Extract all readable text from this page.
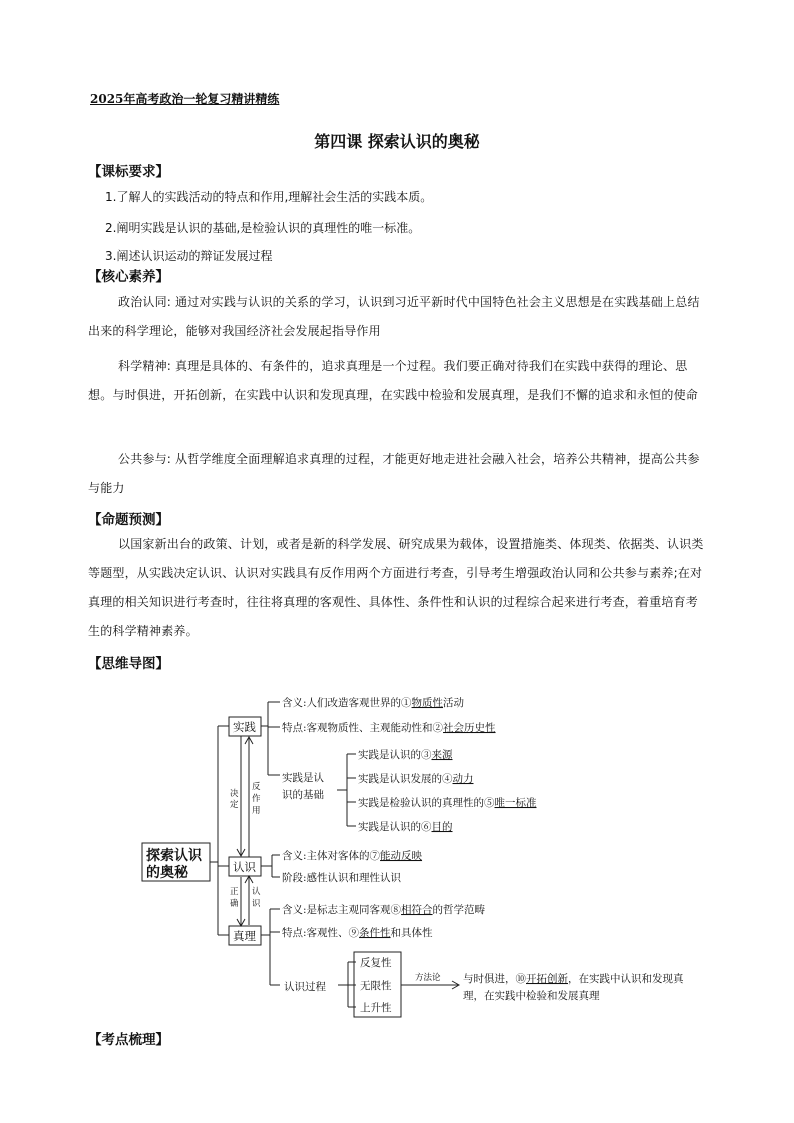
2025年高考政治一轮复习精讲精练
第四课 探索认识的奥秘
【课标要求】
1.了解人的实践活动的特点和作用,理解社会生活的实践本质。
2.阐明实践是认识的基础,是检验认识的真理性的唯一标准。
3.阐述认识运动的辩证发展过程
【核心素养】
政治认同: 通过对实践与认识的关系的学习，认识到习近平新时代中国特色社会主义思想是在实践基础上总结出来的科学理论，能够对我国经济社会发展起指导作用
科学精神: 真理是具体的、有条件的，追求真理是一个过程。我们要正确对待我们在实践中获得的理论、思想。与时俱进，开拓创新，在实践中认识和发现真理，在实践中检验和发展真理，是我们不懈的追求和永恒的使命
公共参与: 从哲学维度全面理解追求真理的过程，才能更好地走进社会融入社会，培养公共精神，提高公共参与能力
【命题预测】
以国家新出台的政策、计划，或者是新的科学发展、研究成果为载体，设置措施类、体现类、依据类、认识类等题型，从实践决定认识、认识对实践具有反作用两个方面进行考查，引导考生增强政治认同和公共参与素养;在对真理的相关知识进行考查时，往往将真理的客观性、具体性、条件性和认识的过程综合起来进行考查，着重培育考生的科学精神素养。
【思维导图】
探索认识
的奥秘
实践
含义:人们改造客观世界的①物质性活动
特点:客观物质性、主观能动性和②社会历史性
实践是认
识的基础
实践是认识的③来源
实践是认识发展的④动力
实践是检验认识的真理性的⑤唯一标准
实践是认识的⑥目的
决
定
反
作
用
认识
含义:主体对客体的⑦能动反映
阶段:感性认识和理性认识
正
确
认
识
真理
含义:是标志主观同客观⑧相符合的哲学范畴
特点:客观性、⑨条件性和具体性
认识过程
反复性
无限性
上升性
方法论 与时俱进，⑩开拓创新，在实践中认识和发现真
理，在实践中检验和发展真理
【考点梳理】
